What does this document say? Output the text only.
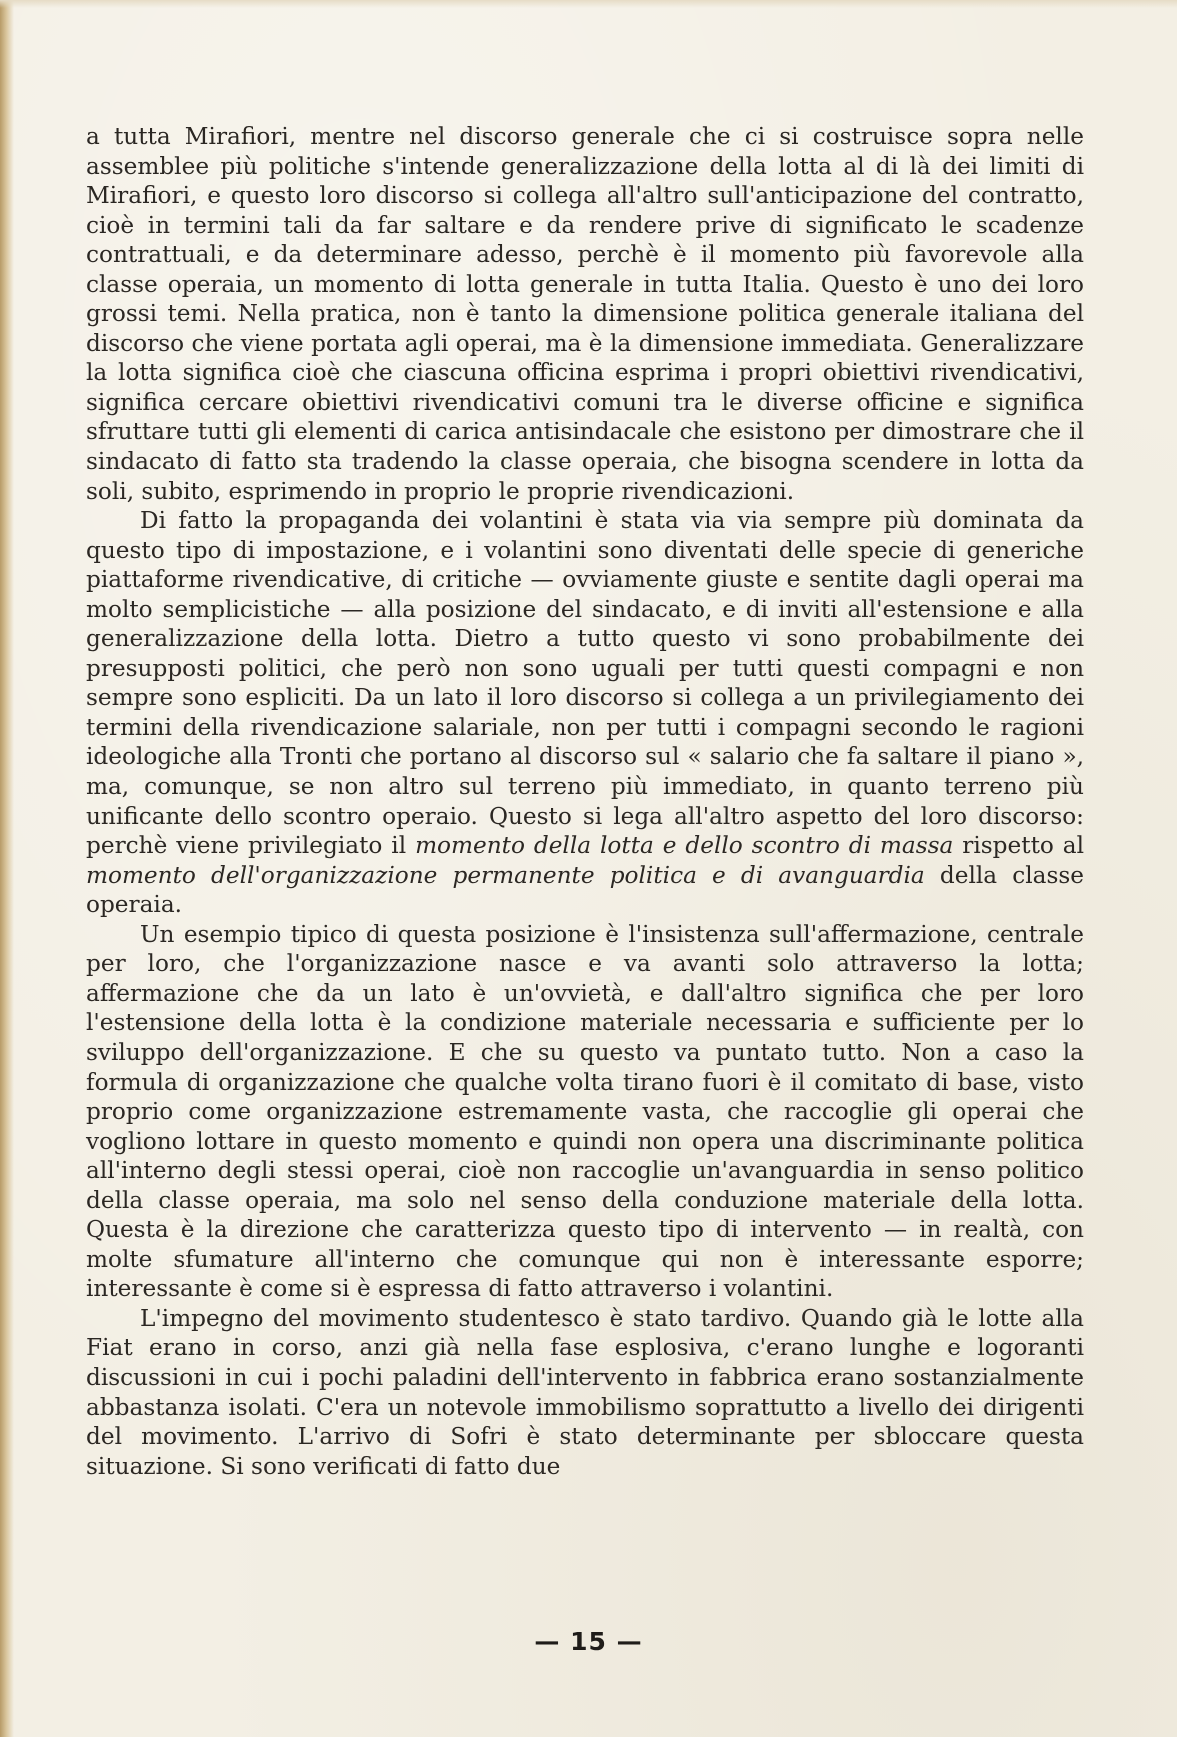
a tutta Mirafiori, mentre nel discorso generale che ci si costruisce sopra nelle assemblee più politiche s'intende generalizzazione della lotta al di là dei limiti di Mirafiori, e questo loro discorso si collega all'altro sull'anticipazione del contratto, cioè in termini tali da far saltare e da rendere prive di significato le scadenze contrattuali, e da determinare adesso, perchè è il momento più favorevole alla classe operaia, un momento di lotta generale in tutta Italia. Questo è uno dei loro grossi temi. Nella pratica, non è tanto la dimensione politica generale italiana del discorso che viene portata agli operai, ma è la dimensione immediata. Generalizzare la lotta significa cioè che ciascuna officina esprima i propri obiettivi rivendicativi, significa cercare obiettivi rivendicativi comuni tra le diverse officine e significa sfruttare tutti gli elementi di carica antisindacale che esistono per dimostrare che il sindacato di fatto sta tradendo la classe operaia, che bisogna scendere in lotta da soli, subito, esprimendo in proprio le proprie rivendicazioni.

Di fatto la propaganda dei volantini è stata via via sempre più dominata da questo tipo di impostazione, e i volantini sono diventati delle specie di generiche piattaforme rivendicative, di critiche — ovviamente giuste e sentite dagli operai ma molto semplicistiche — alla posizione del sindacato, e di inviti all'estensione e alla generalizzazione della lotta. Dietro a tutto questo vi sono probabilmente dei presupposti politici, che però non sono uguali per tutti questi compagni e non sempre sono espliciti. Da un lato il loro discorso si collega a un privilegiamento dei termini della rivendicazione salariale, non per tutti i compagni secondo le ragioni ideologiche alla Tronti che portano al discorso sul « salario che fa saltare il piano », ma, comunque, se non altro sul terreno più immediato, in quanto terreno più unificante dello scontro operaio. Questo si lega all'altro aspetto del loro discorso: perchè viene privilegiato il momento della lotta e dello scontro di massa rispetto al momento dell'organizzazione permanente politica e di avanguardia della classe operaia.

Un esempio tipico di questa posizione è l'insistenza sull'affermazione, centrale per loro, che l'organizzazione nasce e va avanti solo attraverso la lotta; affermazione che da un lato è un'ovvietà, e dall'altro significa che per loro l'estensione della lotta è la condizione materiale necessaria e sufficiente per lo sviluppo dell'organizzazione. E che su questo va puntato tutto. Non a caso la formula di organizzazione che qualche volta tirano fuori è il comitato di base, visto proprio come organizzazione estremamente vasta, che raccoglie gli operai che vogliono lottare in questo momento e quindi non opera una discriminante politica all'interno degli stessi operai, cioè non raccoglie un'avanguardia in senso politico della classe operaia, ma solo nel senso della conduzione materiale della lotta. Questa è la direzione che caratterizza questo tipo di intervento — in realtà, con molte sfumature all'interno che comunque qui non è interessante esporre; interessante è come si è espressa di fatto attraverso i volantini.

L'impegno del movimento studentesco è stato tardivo. Quando già le lotte alla Fiat erano in corso, anzi già nella fase esplosiva, c'erano lunghe e logoranti discussioni in cui i pochi paladini dell'intervento in fabbrica erano sostanzialmente abbastanza isolati. C'era un notevole immobilismo soprattutto a livello dei dirigenti del movimento. L'arrivo di Sofri è stato determinante per sbloccare questa situazione. Si sono verificati di fatto due

— 15 —
